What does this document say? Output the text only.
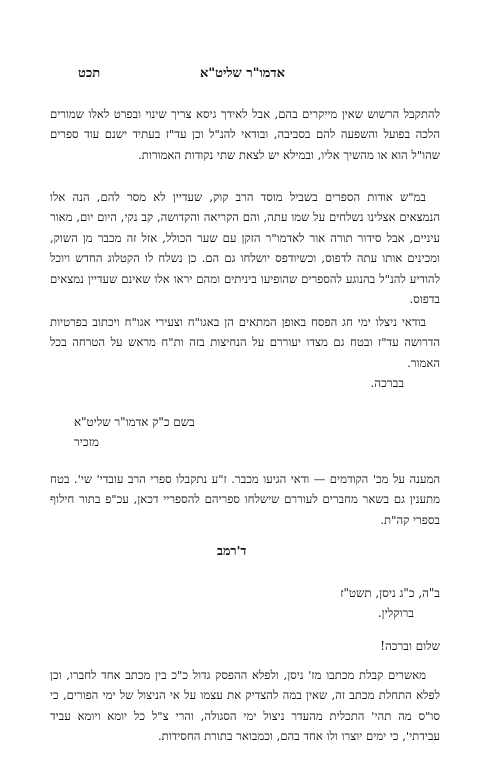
תכט	אדמו"ר שליט"א

להתקבל הרשוש שאין מייקרים בהם, אבל לאידך גיסא צריך שינוי ובפרט לאלו שמורים הלכה בפועל והשפעה להם בסביבה, ובודאי להנ"ל וכן עד"ז בעתיד ישנם עוד ספרים שהו"ל הוא או מהשיך אליו, ובמילא יש לצאת שתי נקודות האמורות.

במ"ש אודות הספרים בשביל מוסד הרב קוק, שעדיין לא מסר להם, הנה אלו הנמצאים אצלינו נשלחים על שמו עתה, והם הקריאה והקדושה, קב נקי, היום יום, מאור עיניים, אבל סידור תורה אור לאדמו"ר הזקן עם שער הכולל, אזל זה מכבר מן השוק, ומכינים אותו עתה לדפוס, וכשיודפס יושלחו גם הם. כן נשלח לו הקטלוג החדש ויוכל להודיע להנ"ל בהנוגע להספרים שהופיעו ביניתים ומהם יראו אלו שאינם שעדיין נמצאים בדפוס.

בודאי ניצלו ימי חג הפסח באופן המתאים הן באגו"ח וצעירי אגו"ח ויכתוב בפרטיות הדרושה עד"ז ובטח גם מצדו יעוררם על הנחיצות בזה ות"ח מראש על הטרחה בכל האמור.

בברכה.
בשם כ"ק אדמו"ר שליט"א
מזכיר

המענה על מכ' הקודמים — ודאי הגיעו מכבר. ז"ע נתקבלו ספרי הרב עובדי' שי'. בטח מתענין גם בשאר מחברים לעוררם שישלחו ספריהם להספריי דכאן, עכ"פ בתור חילוף בספרי קה"ת.

ד'רמב
ב"ה, כ"ג ניסן, תשט"ז
ברוקלין.
שלום וברכה!

מאשרים קבלת מכתבו מז' ניסן, ולפלא ההפסק גדול כ"כ בין מכתב אחד לחברו, וכן לפלא התחלת מכתב זה, שאין במה להצדיק את עצמו על אי הניצול של ימי הפורים, כי סו"ס מה תהי' התכלית מהעדר ניצול ימי הסגולה, והרי צ"ל כל יומא ויומא עביד עבידתי', כי ימים יוצרו ולו אחד בהם, וכמבואר בתורת החסידות.
